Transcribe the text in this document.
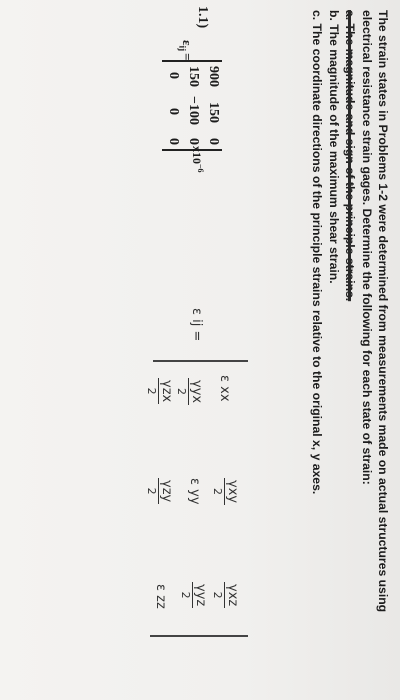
The strain states in Problems 1-2 were determined from measurements made on actual structures using
electrical resistance strain gages. Determine the following for each state of strain:
a. The magnitude and sign of the principle strains.
b. The magnitude of the maximum shear strain.
c. The coordinate directions of the principle strains relative to the original x, y axes.
1.1)
$\varepsilon_{ij}=$
900
150
0
150
−100
0
0
0
0
$x10^{-6}$
ε ij =
ε xx
γyx
2
γzx
2
γxy
2
ε yy
γzy
2
γxz
2
γyz
2
ε zz
